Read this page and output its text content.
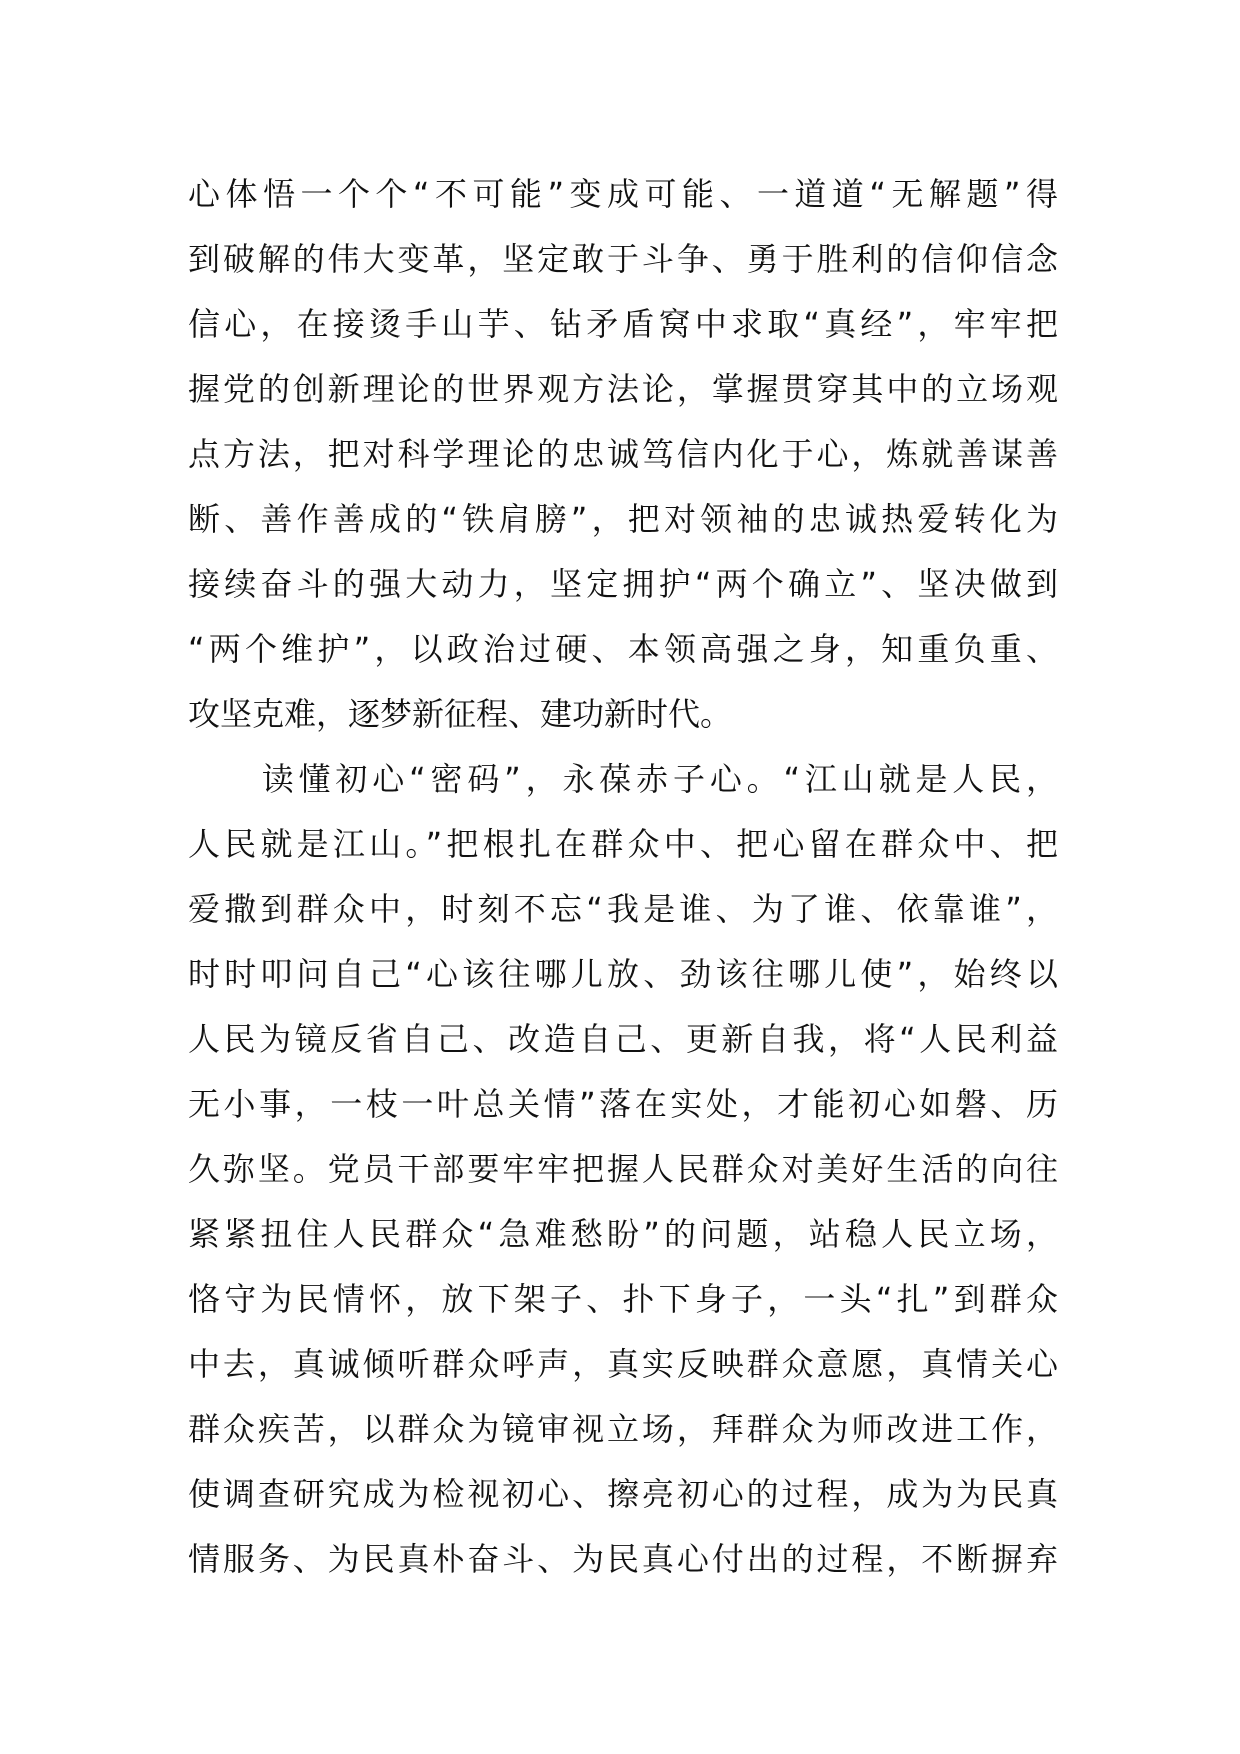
心体悟一个个“不可能”变成可能、一道道“无解题”得
到破解的伟大变革，坚定敢于斗争、勇于胜利的信仰信念
信心，在接烫手山芋、钻矛盾窝中求取“真经”，牢牢把
握党的创新理论的世界观方法论，掌握贯穿其中的立场观
点方法，把对科学理论的忠诚笃信内化于心，炼就善谋善
断、善作善成的“铁肩膀”，把对领袖的忠诚热爱转化为
接续奋斗的强大动力，坚定拥护“两个确立”、坚决做到
“两个维护”，以政治过硬、本领高强之身，知重负重、
攻坚克难，逐梦新征程、建功新时代。
　　读懂初心“密码”，永葆赤子心。“江山就是人民，
人民就是江山。”把根扎在群众中、把心留在群众中、把
爱撒到群众中，时刻不忘“我是谁、为了谁、依靠谁”，
时时叩问自己“心该往哪儿放、劲该往哪儿使”，始终以
人民为镜反省自己、改造自己、更新自我，将“人民利益
无小事，一枝一叶总关情”落在实处，才能初心如磐、历
久弥坚。党员干部要牢牢把握人民群众对美好生活的向往
紧紧扭住人民群众“急难愁盼”的问题，站稳人民立场，
恪守为民情怀，放下架子、扑下身子，一头“扎”到群众
中去，真诚倾听群众呼声，真实反映群众意愿，真情关心
群众疾苦，以群众为镜审视立场，拜群众为师改进工作，
使调查研究成为检视初心、擦亮初心的过程，成为为民真
情服务、为民真朴奋斗、为民真心付出的过程，不断摒弃
